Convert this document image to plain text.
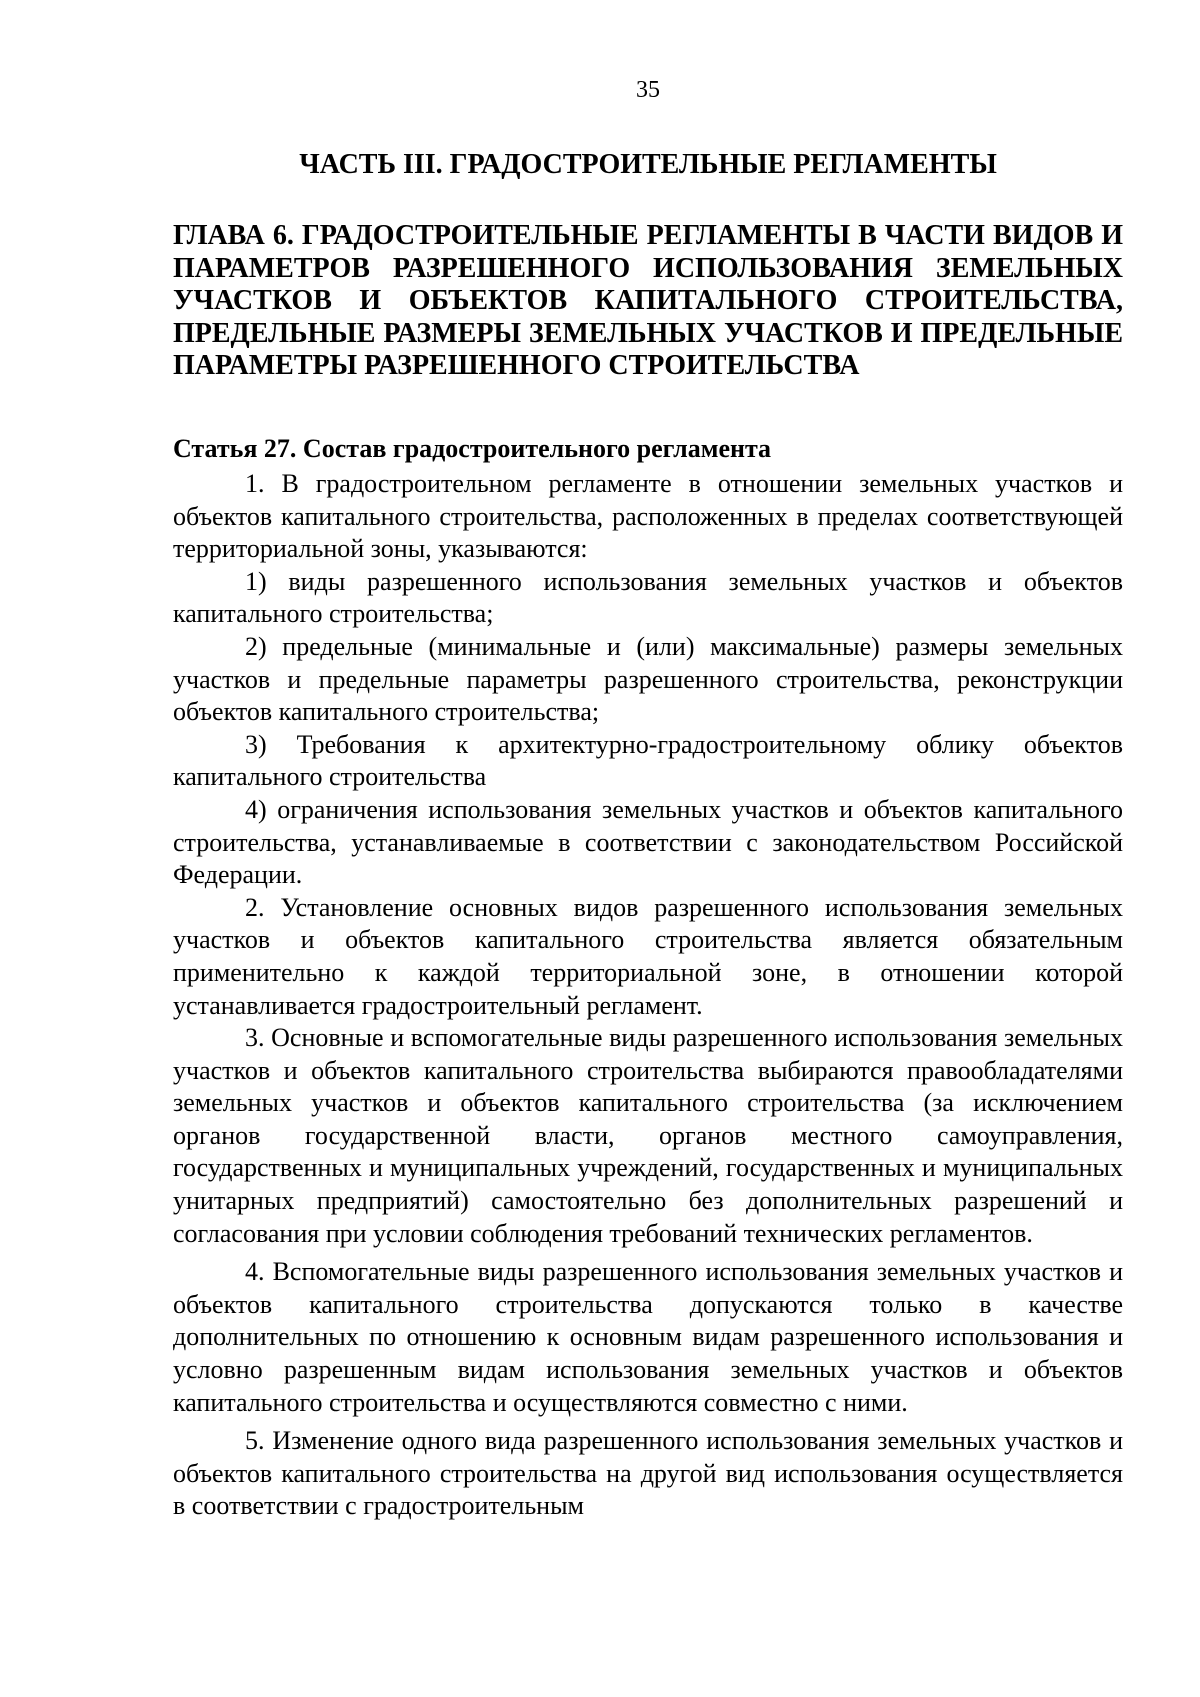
35
ЧАСТЬ III. ГРАДОСТРОИТЕЛЬНЫЕ РЕГЛАМЕНТЫ
ГЛАВА 6. ГРАДОСТРОИТЕЛЬНЫЕ РЕГЛАМЕНТЫ В ЧАСТИ ВИДОВ И ПАРАМЕТРОВ РАЗРЕШЕННОГО ИСПОЛЬЗОВАНИЯ ЗЕМЕЛЬНЫХ УЧАСТКОВ И ОБЪЕКТОВ КАПИТАЛЬНОГО СТРОИТЕЛЬСТВА, ПРЕДЕЛЬНЫЕ РАЗМЕРЫ ЗЕМЕЛЬНЫХ УЧАСТКОВ И ПРЕДЕЛЬНЫЕ ПАРАМЕТРЫ РАЗРЕШЕННОГО СТРОИТЕЛЬСТВА
Статья 27. Состав градостроительного регламента

1. В градостроительном регламенте в отношении земельных участков и объектов капитального строительства, расположенных в пределах соответствующей территориальной зоны, указываются:

1) виды разрешенного использования земельных участков и объектов капитального строительства;

2) предельные (минимальные и (или) максимальные) размеры земельных участков и предельные параметры разрешенного строительства, реконструкции объектов капитального строительства;

3) Требования к архитектурно-градостроительному облику объектов капитального строительства

4) ограничения использования земельных участков и объектов капитального строительства, устанавливаемые в соответствии с законодательством Российской Федерации.

2. Установление основных видов разрешенного использования земельных участков и объектов капитального строительства является обязательным применительно к каждой территориальной зоне, в отношении которой устанавливается градостроительный регламент.

3. Основные и вспомогательные виды разрешенного использования земельных участков и объектов капитального строительства выбираются правообладателями земельных участков и объектов капитального строительства (за исключением органов государственной власти, органов местного самоуправления, государственных и муниципальных учреждений, государственных и муниципальных унитарных предприятий) самостоятельно без дополнительных разрешений и согласования при условии соблюдения требований технических регламентов.

4. Вспомогательные виды разрешенного использования земельных участков и объектов капитального строительства допускаются только в качестве дополнительных по отношению к основным видам разрешенного использования и условно разрешенным видам использования земельных участков и объектов капитального строительства и осуществляются совместно с ними.

5. Изменение одного вида разрешенного использования земельных участков и объектов капитального строительства на другой вид использования осуществляется в соответствии с градостроительным
